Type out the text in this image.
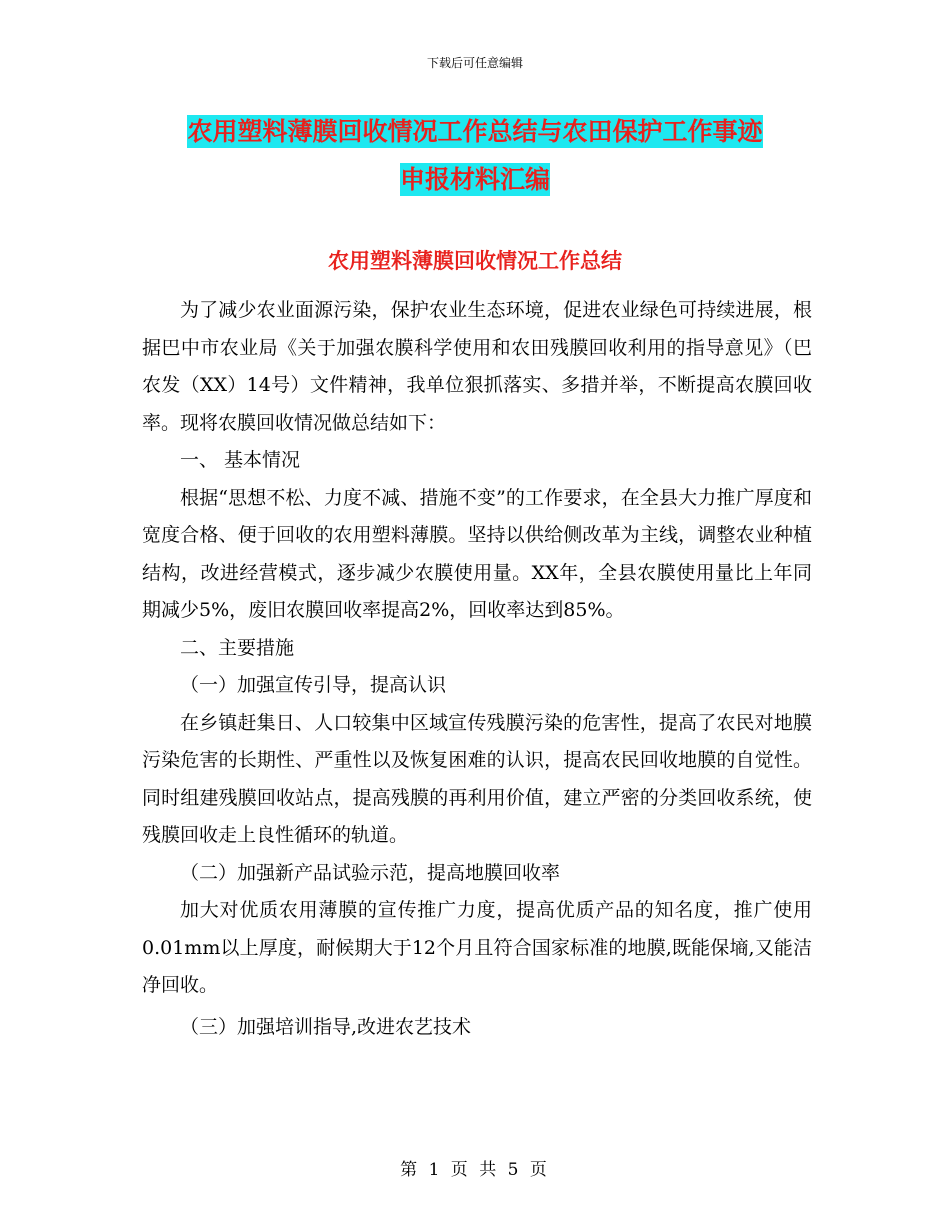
下载后可任意编辑
农用塑料薄膜回收情况工作总结与农田保护工作事迹
申报材料汇编
农用塑料薄膜回收情况工作总结

为了减少农业面源污染，保护农业生态环境，促进农业绿色可持续进展，根据巴中市农业局《关于加强农膜科学使用和农田残膜回收利用的指导意见》（巴农发（XX）14号）文件精神，我单位狠抓落实、多措并举，不断提高农膜回收率。现将农膜回收情况做总结如下：

一、 基本情况

根据“思想不松、力度不减、措施不变”的工作要求，在全县大力推广厚度和宽度合格、便于回收的农用塑料薄膜。坚持以供给侧改革为主线，调整农业种植结构，改进经营模式，逐步减少农膜使用量。XX年，全县农膜使用量比上年同期减少5%，废旧农膜回收率提高2%，回收率达到85%。

二、主要措施

（一）加强宣传引导，提高认识

在乡镇赶集日、人口较集中区域宣传残膜污染的危害性，提高了农民对地膜污染危害的长期性、严重性以及恢复困难的认识，提高农民回收地膜的自觉性。同时组建残膜回收站点，提高残膜的再利用价值，建立严密的分类回收系统，使残膜回收走上良性循环的轨道。

（二）加强新产品试验示范，提高地膜回收率

加大对优质农用薄膜的宣传推广力度，提高优质产品的知名度，推广使用0.01mm以上厚度，耐候期大于12个月且符合国家标准的地膜,既能保墒,又能洁净回收。

（三）加强培训指导,改进农艺技术

第 1 页 共 5 页
